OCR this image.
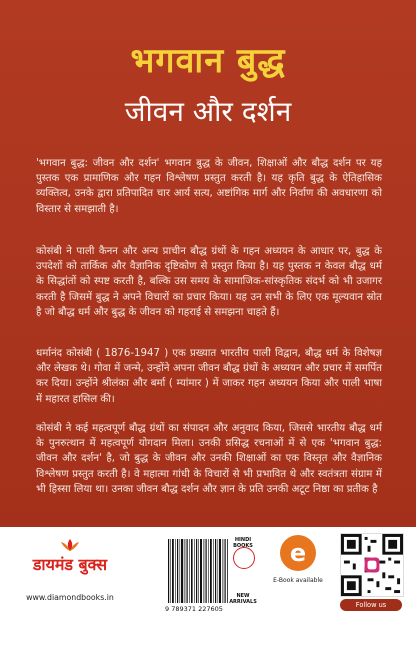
भगवान बुद्ध
जीवन और दर्शन
'भगवान बुद्ध: जीवन और दर्शन' भगवान बुद्ध के जीवन, शिक्षाओं और बौद्ध दर्शन पर यह पुस्तक एक प्रामाणिक और गहन विश्लेषण प्रस्तुत करती है। यह कृति बुद्ध के ऐतिहासिक व्यक्तित्व, उनके द्वारा प्रतिपादित चार आर्य सत्य, अष्टांगिक मार्ग और निर्वाण की अवधारणा को विस्तार से समझाती है।
कोसंबी ने पाली कैनन और अन्य प्राचीन बौद्ध ग्रंथों के गहन अध्ययन के आधार पर, बुद्ध के उपदेशों को तार्किक और वैज्ञानिक दृष्टिकोण से प्रस्तुत किया है। यह पुस्तक न केवल बौद्ध धर्म के सिद्धांतों को स्पष्ट करती है, बल्कि उस समय के सामाजिक-सांस्कृतिक संदर्भ को भी उजागर करती है जिसमें बुद्ध ने अपने विचारों का प्रचार किया। यह उन सभी के लिए एक मूल्यवान स्रोत है जो बौद्ध धर्म और बुद्ध के जीवन को गहराई से समझना चाहते हैं।
धर्मानंद कोसंबी ( 1876-1947 ) एक प्रख्यात भारतीय पाली विद्वान, बौद्ध धर्म के विशेषज्ञ और लेखक थे। गोवा में जन्मे, उन्होंने अपना जीवन बौद्ध ग्रंथों के अध्ययन और प्रचार में समर्पित कर दिया। उन्होंने श्रीलंका और बर्मा ( म्यांमार ) में जाकर गहन अध्ययन किया और पाली भाषा में महारत हासिल की।
कोसंबी ने कई महत्वपूर्ण बौद्ध ग्रंथों का संपादन और अनुवाद किया, जिससे भारतीय बौद्ध धर्म के पुनरुत्थान में महत्वपूर्ण योगदान मिला। उनकी प्रसिद्ध रचनाओं में से एक 'भगवान बुद्ध: जीवन और दर्शन' है, जो बुद्ध के जीवन और उनकी शिक्षाओं का एक विस्तृत और वैज्ञानिक विश्लेषण प्रस्तुत करती है। वे महात्मा गांधी के विचारों से भी प्रभावित थे और स्वतंत्रता संग्राम में भी हिस्सा लिया था। उनका जीवन बौद्ध दर्शन और ज्ञान के प्रति उनकी अटूट निष्ठा का प्रतीक है
डायमंड बुक्स
www.diamondbooks.in
9 789371 227605
HINDI BOOKS
NEW ARRIVALS
e
E-Book available
Follow us
